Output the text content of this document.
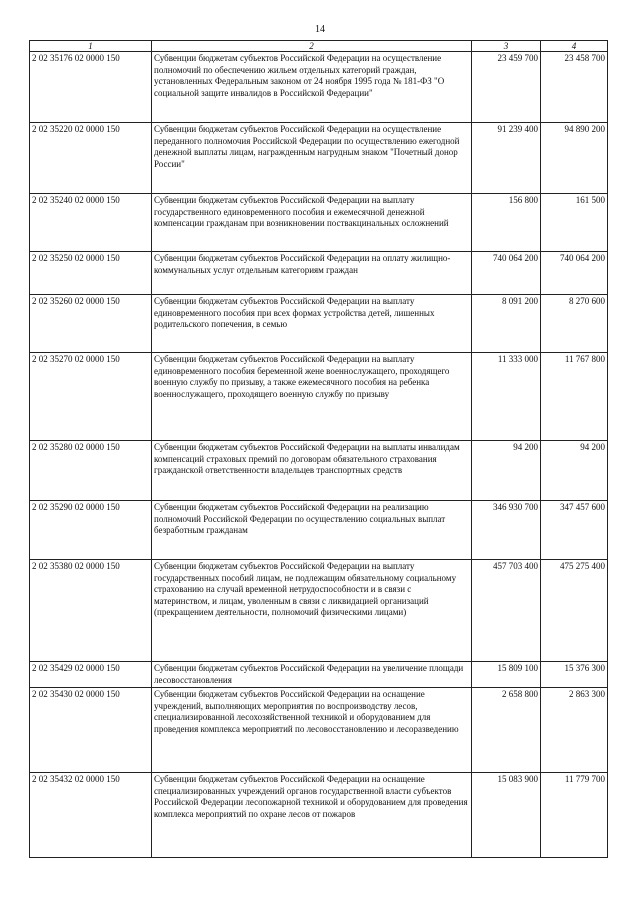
14
1	2	3	4
2 02 35176 02 0000 150	Субвенции бюджетам субъектов Российской Федерации на осуществление полномочий по обеспечению жильем отдельных категорий граждан, установленных Федеральным законом от 24 ноября 1995 года № 181-ФЗ "О социальной защите инвалидов в Российской Федерации"	23 459 700	23 458 700
2 02 35220 02 0000 150	Субвенции бюджетам субъектов Российской Федерации на осуществление переданного полномочия Российской Федерации по осуществлению ежегодной денежной выплаты лицам, награжденным нагрудным знаком "Почетный донор России"	91 239 400	94 890 200
2 02 35240 02 0000 150	Субвенции бюджетам субъектов Российской Федерации на выплату государственного единовременного пособия и ежемесячной денежной компенсации гражданам при возникновении поствакцинальных осложнений	156 800	161 500
2 02 35250 02 0000 150	Субвенции бюджетам субъектов Российской Федерации на оплату жилищно-коммунальных услуг отдельным категориям граждан	740 064 200	740 064 200
2 02 35260 02 0000 150	Субвенции бюджетам субъектов Российской Федерации на выплату единовременного пособия при всех формах устройства детей, лишенных родительского попечения, в семью	8 091 200	8 270 600
2 02 35270 02 0000 150	Субвенции бюджетам субъектов Российской Федерации на выплату единовременного пособия беременной жене военнослужащего, проходящего военную службу по призыву, а также ежемесячного пособия на ребенка военнослужащего, проходящего военную службу по призыву	11 333 000	11 767 800
2 02 35280 02 0000 150	Субвенции бюджетам субъектов Российской Федерации на выплаты инвалидам компенсаций страховых премий по договорам обязательного страхования гражданской ответственности владельцев транспортных средств	94 200	94 200
2 02 35290 02 0000 150	Субвенции бюджетам субъектов Российской Федерации на реализацию полномочий Российской Федерации по осуществлению социальных выплат безработным гражданам	346 930 700	347 457 600
2 02 35380 02 0000 150	Субвенции бюджетам субъектов Российской Федерации на выплату государственных пособий лицам, не подлежащим обязательному социальному страхованию на случай временной нетрудоспособности и в связи с материнством, и лицам, уволенным в связи с ликвидацией организаций (прекращением деятельности, полномочий физическими лицами)	457 703 400	475 275 400
2 02 35429 02 0000 150	Субвенции бюджетам субъектов Российской Федерации на увеличение площади лесовосстановления	15 809 100	15 376 300
2 02 35430 02 0000 150	Субвенции бюджетам субъектов Российской Федерации на оснащение учреждений, выполняющих мероприятия по воспроизводству лесов, специализированной лесохозяйственной техникой и оборудованием для проведения комплекса мероприятий по лесовосстановлению и лесоразведению	2 658 800	2 863 300
2 02 35432 02 0000 150	Субвенции бюджетам субъектов Российской Федерации на оснащение специализированных учреждений органов государственной власти субъектов Российской Федерации лесопожарной техникой и оборудованием для проведения комплекса мероприятий по охране лесов от пожаров	15 083 900	11 779 700
